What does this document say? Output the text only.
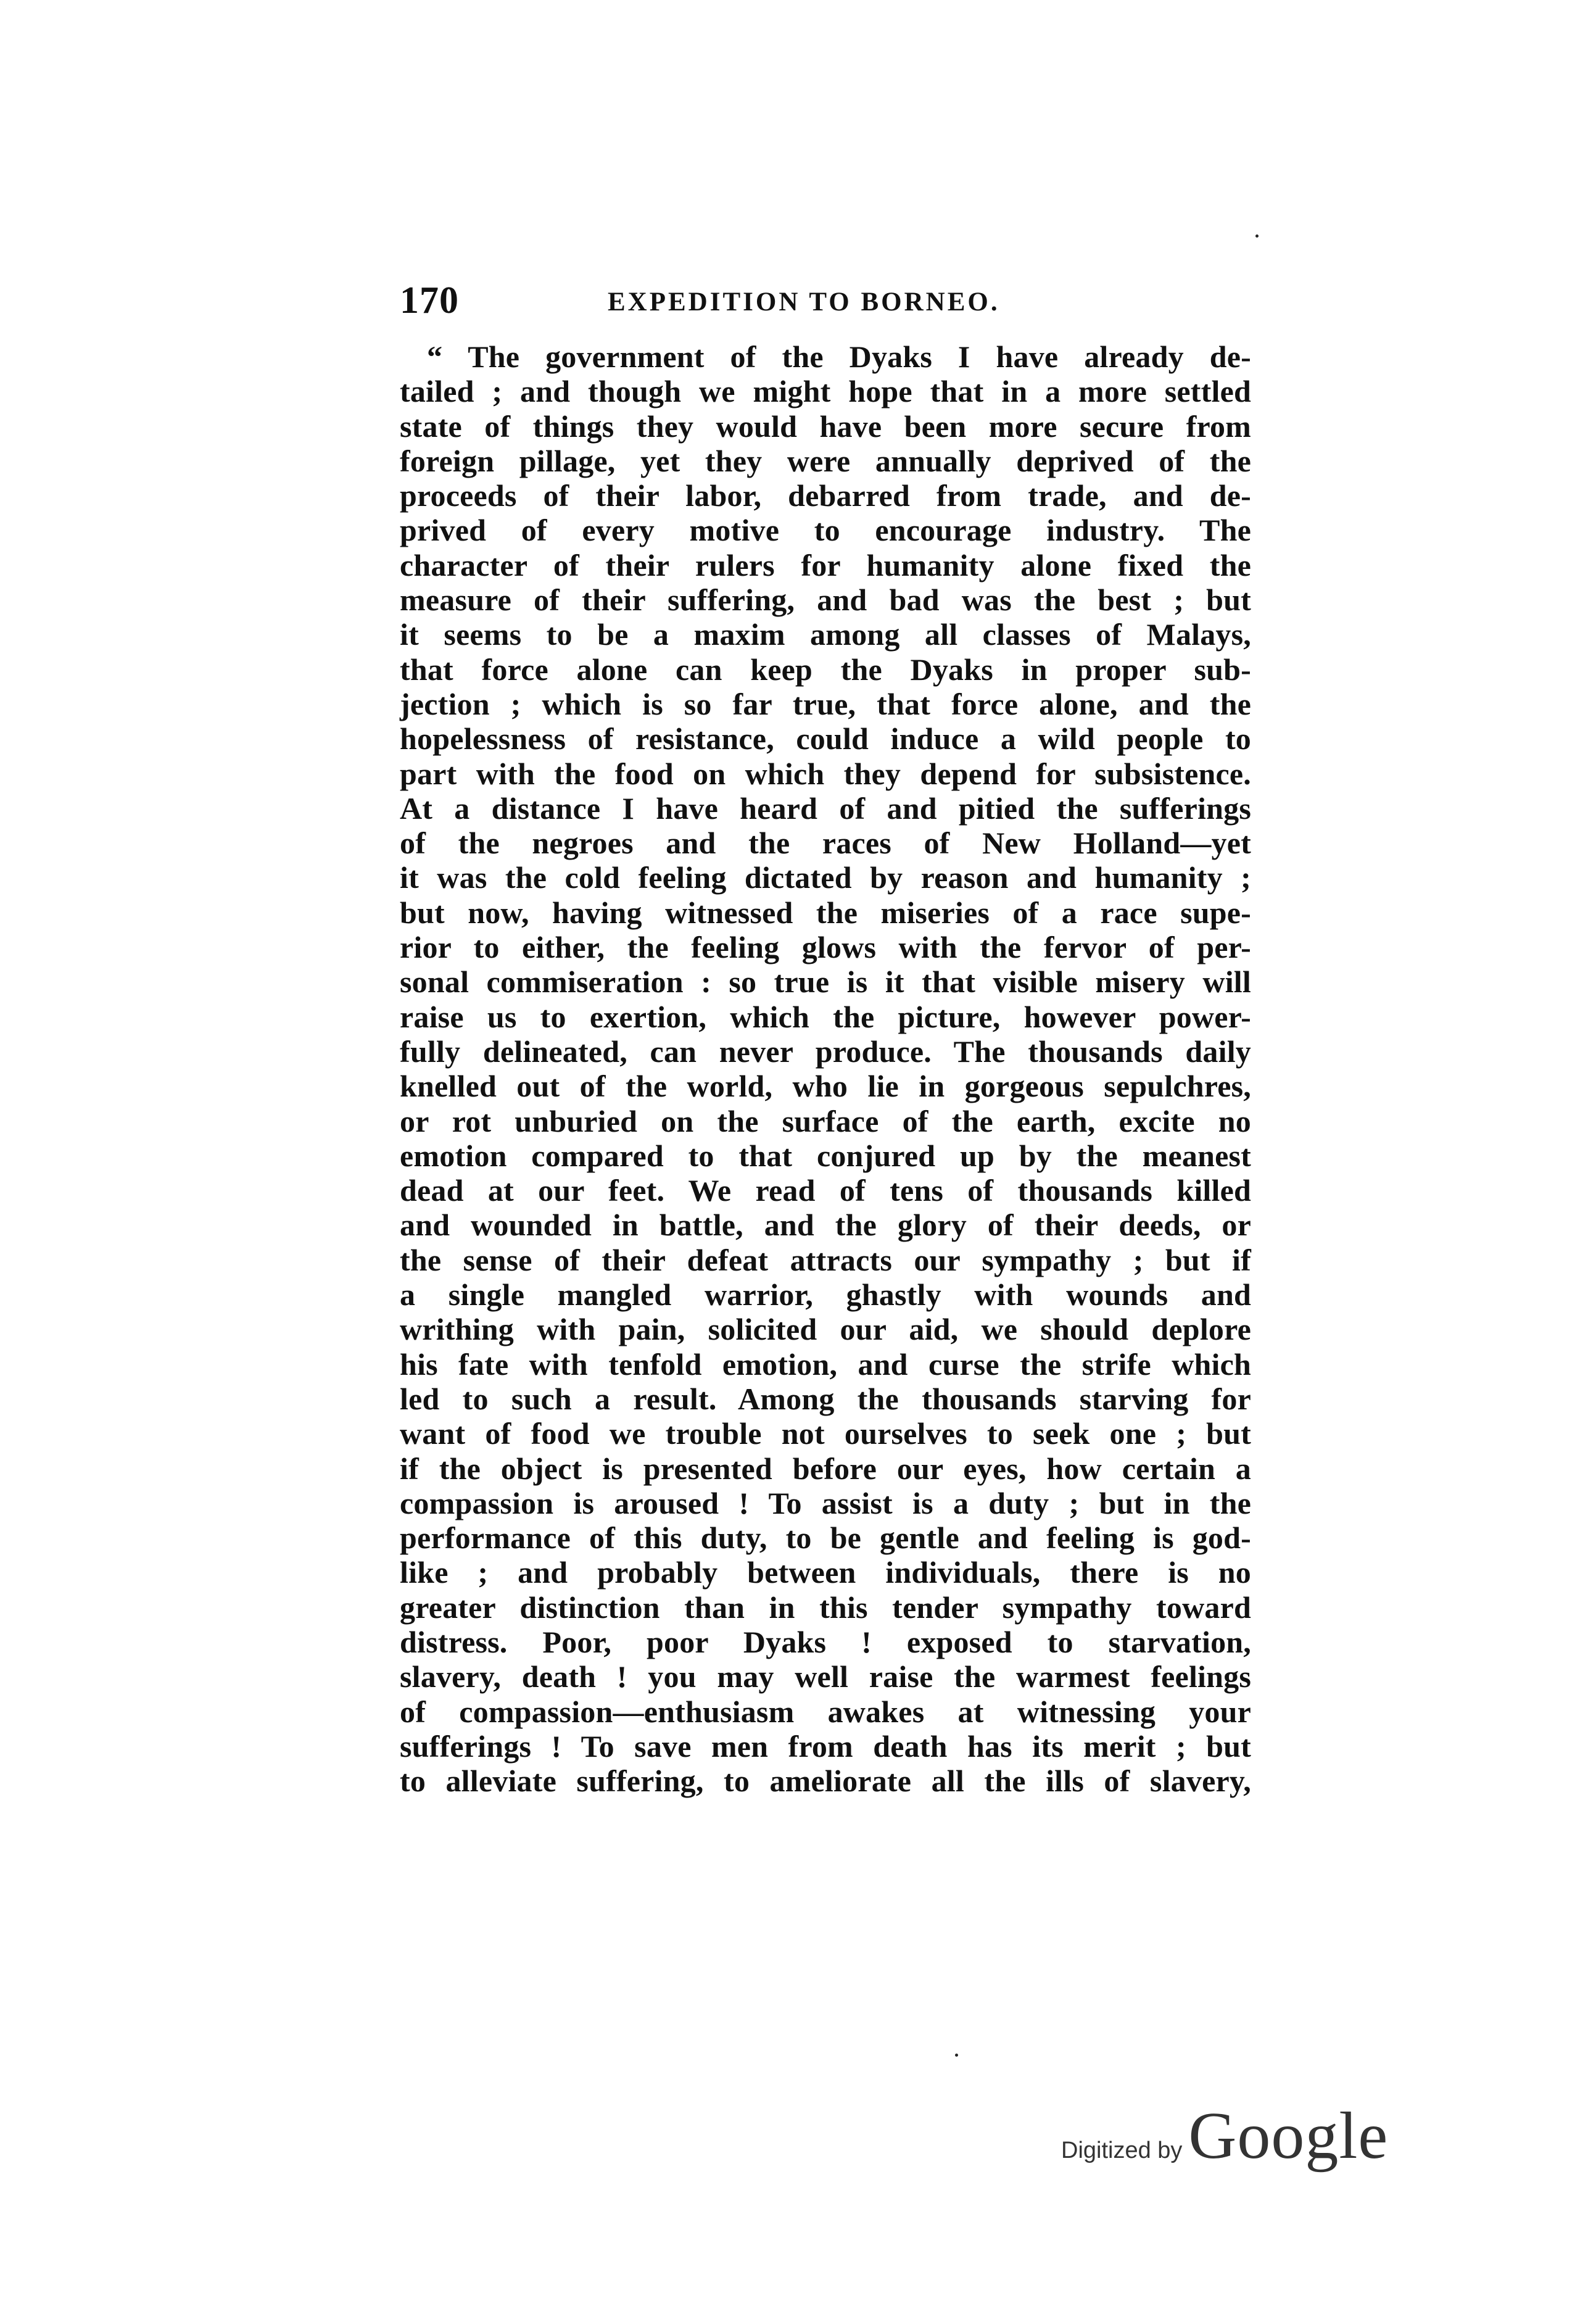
170	EXPEDITION TO BORNEO.
“ The government of the Dyaks I have already de-
tailed ; and though we might hope that in a more settled
state of things they would have been more secure from
foreign pillage, yet they were annually deprived of the
proceeds of their labor, debarred from trade, and de-
prived of every motive to encourage industry. The
character of their rulers for humanity alone fixed the
measure of their suffering, and bad was the best ; but
it seems to be a maxim among all classes of Malays,
that force alone can keep the Dyaks in proper sub-
jection ; which is so far true, that force alone, and the
hopelessness of resistance, could induce a wild people to
part with the food on which they depend for subsistence.
At a distance I have heard of and pitied the sufferings
of the negroes and the races of New Holland—yet
it was the cold feeling dictated by reason and humanity ;
but now, having witnessed the miseries of a race supe-
rior to either, the feeling glows with the fervor of per-
sonal commiseration : so true is it that visible misery will
raise us to exertion, which the picture, however power-
fully delineated, can never produce. The thousands daily
knelled out of the world, who lie in gorgeous sepulchres,
or rot unburied on the surface of the earth, excite no
emotion compared to that conjured up by the meanest
dead at our feet. We read of tens of thousands killed
and wounded in battle, and the glory of their deeds, or
the sense of their defeat attracts our sympathy ; but if
a single mangled warrior, ghastly with wounds and
writhing with pain, solicited our aid, we should deplore
his fate with tenfold emotion, and curse the strife which
led to such a result. Among the thousands starving for
want of food we trouble not ourselves to seek one ; but
if the object is presented before our eyes, how certain a
compassion is aroused ! To assist is a duty ; but in the
performance of this duty, to be gentle and feeling is god-
like ; and probably between individuals, there is no
greater distinction than in this tender sympathy toward
distress. Poor, poor Dyaks ! exposed to starvation,
slavery, death ! you may well raise the warmest feelings
of compassion—enthusiasm awakes at witnessing your
sufferings ! To save men from death has its merit ; but
to alleviate suffering, to ameliorate all the ills of slavery,
Digitized by Google
